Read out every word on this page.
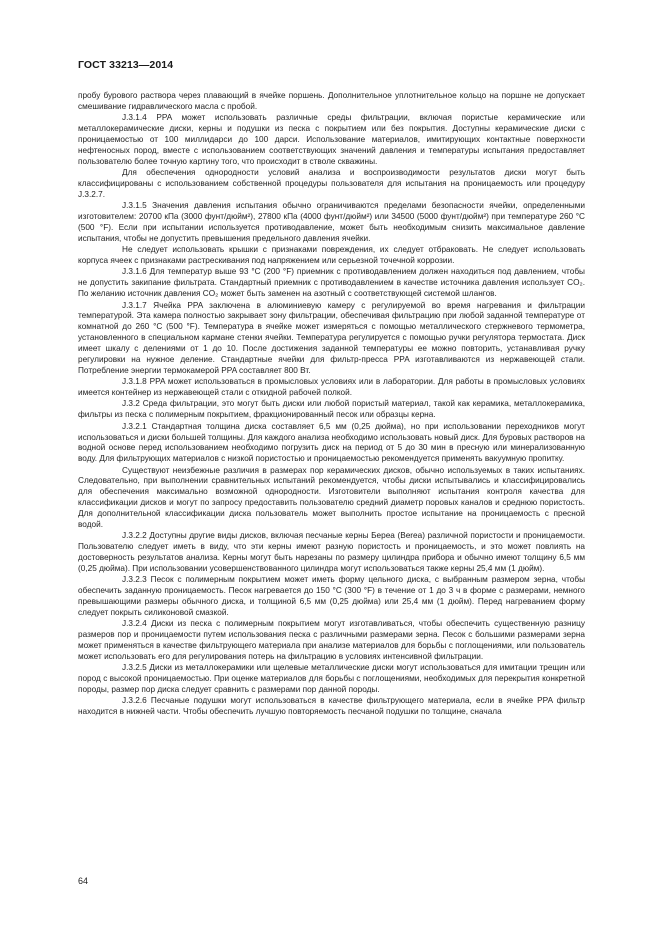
ГОСТ 33213—2014

пробу бурового раствора через плавающий в ячейке поршень. Дополнительное уплотнительное кольцо на поршне не допускает смешивание гидравлического масла с пробой.

J.3.1.4 PPA может использовать различные среды фильтрации, включая пористые керамические или металлокерамические диски, керны и подушки из песка с покрытием или без покрытия. Доступны керамические диски с проницаемостью от 100 миллидарси до 100 дарси. Использование материалов, имитирующих контактные поверхности нефтеносных пород, вместе с использованием соответствующих значений давления и температуры испытания предоставляет пользователю более точную картину того, что происходит в стволе скважины.

Для обеспечения однородности условий анализа и воспроизводимости результатов диски могут быть классифицированы с использованием собственной процедуры пользователя для испытания на проницаемость или процедуру J.3.2.7.

J.3.1.5 Значения давления испытания обычно ограничиваются пределами безопасности ячейки, определенными изготовителем: 20700 кПа (3000 фунт/дюйм²), 27800 кПа (4000 фунт/дюйм²) или 34500 (5000 фунт/дюйм²) при температуре 260 °С (500 °F). Если при испытании используется противодавление, может быть необходимым снизить максимальное давление испытания, чтобы не допустить превышения предельного давления ячейки.

Не следует использовать крышки с признаками повреждения, их следует отбраковать. Не следует использовать корпуса ячеек с признаками растрескивания под напряжением или серьезной точечной коррозии.

J.3.1.6 Для температур выше 93 °С (200 °F) приемник с противодавлением должен находиться под давлением, чтобы не допустить закипание фильтрата. Стандартный приемник с противодавлением в качестве источника давления использует CO₂. По желанию источник давления CO₂ может быть заменен на азотный с соответствующей системой шлангов.

J.3.1.7 Ячейка PPA заключена в алюминиевую камеру с регулируемой во время нагревания и фильтрации температурой. Эта камера полностью закрывает зону фильтрации, обеспечивая фильтрацию при любой заданной температуре от комнатной до 260 °С (500 °F). Температура в ячейке может измеряться с помощью металлического стержневого термометра, установленного в специальном кармане стенки ячейки. Температура регулируется с помощью ручки регулятора термостата. Диск имеет шкалу с делениями от 1 до 10. После достижения заданной температуры ее можно повторить, устанавливая ручку регулировки на нужное деление. Стандартные ячейки для фильтр-пресса PPA изготавливаются из нержавеющей стали. Потребление энергии термокамерой PPA составляет 800 Вт.

J.3.1.8 PPA может использоваться в промысловых условиях или в лаборатории. Для работы в промысловых условиях имеется контейнер из нержавеющей стали с откидной рабочей полкой.

J.3.2 Среда фильтрации, это могут быть диски или любой пористый материал, такой как керамика, металлокерамика, фильтры из песка с полимерным покрытием, фракционированный песок или образцы керна.

J.3.2.1 Стандартная толщина диска составляет 6,5 мм (0,25 дюйма), но при использовании переходников могут использоваться и диски большей толщины. Для каждого анализа необходимо использовать новый диск. Для буровых растворов на водной основе перед использованием необходимо погрузить диск на период от 5 до 30 мин в пресную или минерализованную воду. Для фильтрующих материалов с низкой пористостью и проницаемостью рекомендуется применять вакуумную пропитку.

Существуют неизбежные различия в размерах пор керамических дисков, обычно используемых в таких испытаниях. Следовательно, при выполнении сравнительных испытаний рекомендуется, чтобы диски испытывались и классифицировались для обеспечения максимально возможной однородности. Изготовители выполняют испытания контроля качества для классификации дисков и могут по запросу предоставить пользователю средний диаметр поровых каналов и среднюю пористость. Для дополнительной классификации диска пользователь может выполнить простое испытание на проницаемость с пресной водой.

J.3.2.2 Доступны другие виды дисков, включая песчаные керны Береа (Berea) различной пористости и проницаемости. Пользователю следует иметь в виду, что эти керны имеют разную пористость и проницаемость, и это может повлиять на достоверность результатов анализа. Керны могут быть нарезаны по размеру цилиндра прибора и обычно имеют толщину 6,5 мм (0,25 дюйма). При использовании усовершенствованного цилиндра могут использоваться также керны 25,4 мм (1 дюйм).

J.3.2.3 Песок с полимерным покрытием может иметь форму цельного диска, с выбранным размером зерна, чтобы обеспечить заданную проницаемость. Песок нагревается до 150 °С (300 °F) в течение от 1 до 3 ч в форме с размерами, немного превышающими размеры обычного диска, и толщиной 6,5 мм (0,25 дюйма) или 25,4 мм (1 дюйм). Перед нагреванием форму следует покрыть силиконовой смазкой.

J.3.2.4 Диски из песка с полимерным покрытием могут изготавливаться, чтобы обеспечить существенную разницу размеров пор и проницаемости путем использования песка с различными размерами зерна. Песок с большими размерами зерна может применяться в качестве фильтрующего материала при анализе материалов для борьбы с поглощениями, или пользователь может использовать его для регулирования потерь на фильтрацию в условиях интенсивной фильтрации.

J.3.2.5 Диски из металлокерамики или щелевые металлические диски могут использоваться для имитации трещин или пород с высокой проницаемостью. При оценке материалов для борьбы с поглощениями, необходимых для перекрытия конкретной породы, размер пор диска следует сравнить с размерами пор данной породы.

J.3.2.6 Песчаные подушки могут использоваться в качестве фильтрующего материала, если в ячейке PPA фильтр находится в нижней части. Чтобы обеспечить лучшую повторяемость песчаной подушки по толщине, сначала

64
